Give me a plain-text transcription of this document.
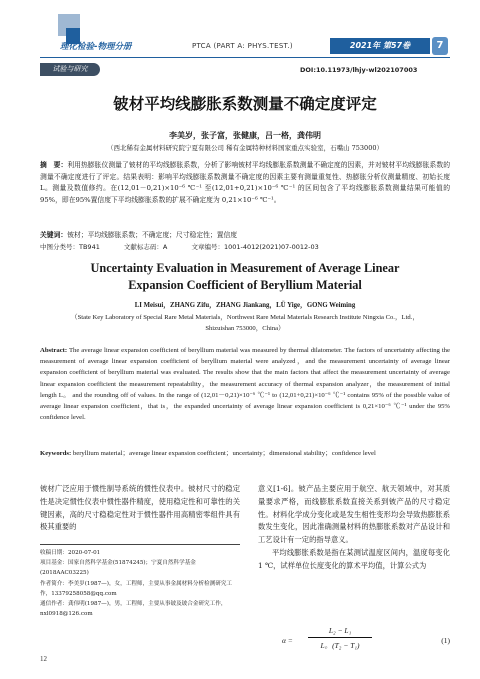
理化检验-物理分册	PTCA (PART A: PHYS.TEST.)	2021年 第57卷	7
试验与研究	DOI:10.11973/lhjy-wl202107003
铍材平均线膨胀系数测量不确定度评定
李美岁，张子富，张健康，吕一格，龚伟明
（西北稀有金属材料研究院宁夏有限公司 稀有金属特种材料国家重点实验室，石嘴山 753000）
摘　要：利用热膨胀仪测量了铍材的平均线膨胀系数，分析了影响铍材平均线膨胀系数测量不确定度的因素，并对铍材平均线膨胀系数的测量不确定度进行了评定。结果表明：影响平均线膨胀系数测量不确定度的因素主要有测量重复性、热膨胀分析仪测量精度、初始长度 L。测量及数值修约。在(12,01－0,21)×10⁻⁶ ℃⁻¹ 至(12,01+0,21)×10⁻⁶ ℃⁻¹ 的区间包含了平均线膨胀系数测量结果可能值的95%，即在95%置信度下平均线膨胀系数的扩展不确定度为 0,21×10⁻⁶ ℃⁻¹。
关键词：铍材；平均线膨胀系数；不确定度；尺寸稳定性；置信度
中图分类号：TB941	文献标志码：A	文章编号：1001-4012(2021)07-0012-03
Uncertainty Evaluation in Measurement of Average Linear
Expansion Coefficient of Beryllium Material
LI Meisui，ZHANG Zifu，ZHANG Jiankang，LÜ Yige，GONG Weiming
（State Key Laboratory of Special Rare Metal Materials，Northwest Rare Metal Materials Research Institute Ningxia Co.，Ltd.，Shizuishan 753000，China）
Abstract: The average linear expansion coefficient of beryllium material was measured by thermal dilatometer. The factors of uncertainty affecting the measurement of average linear expansion coefficient of beryllium material were analyzed，and the measurement uncertainty of average linear expansion coefficient of beryllium material was evaluated. The results show that the main factors that affect the measurement uncertainty of average linear expansion coefficient the measurement repeatability，the measurement accuracy of thermal expansion analyzer，the measurement of initial length L。 and the rounding off of values. In the range of (12,01－0,21)×10⁻⁶ ℃⁻¹ to (12,01+0,21)×10⁻⁶ ℃⁻¹ contains 95% of the possible value of average linear expansion coefficient，that is，the expanded uncertainty of average linear expansion coefficient is 0,21×10⁻⁶ ℃⁻¹ under the 95% confidence level.
Keywords: beryllium material；average linear expansion coefficient；uncertainty；dimensional stability；confidence level
铍材广泛应用于惯性制导系统的惯性仪表中。铍材尺寸的稳定性是决定惯性仪表中惯性器件精度，使用稳定性和可靠性的关键因素，高的尺寸稳稳定性对于惯性器件用高精密零组件具有极其重要的
收稿日期：2020-07-01
项目基金：国家自然科学基金(51874245)；宁夏自然科学基金(2018AAC03225)
作者简介：李美岁(1987—)，女，工程师，主要从事金属材料分析检测研究工作，13379258058@qq.com
通信作者：龚伟明(1987—)，男，工程师，主要从事铍及铍合金研究工作，nxl0918@126.com
意义[1-6]。铍产品主要应用于航空、航天领域中，对其质量要求严格，而线膨胀系数直接关系到铍产品的尺寸稳定性。材料化学成分变化或是发生相性变形均会导致热膨胀系数发生变化，因此准确测量材料的热膨胀系数对产品设计和工艺设计有一定的指导意义。
平均线膨胀系数是指在某测试温度区间内，温度每变化 1 ℃，试样单位长度变化的算术平均值，计算公式为
$\alpha = \frac{\text{L₂ − L₁}}{\text{L。(T₂ − T₁)}}$	(1)
12
